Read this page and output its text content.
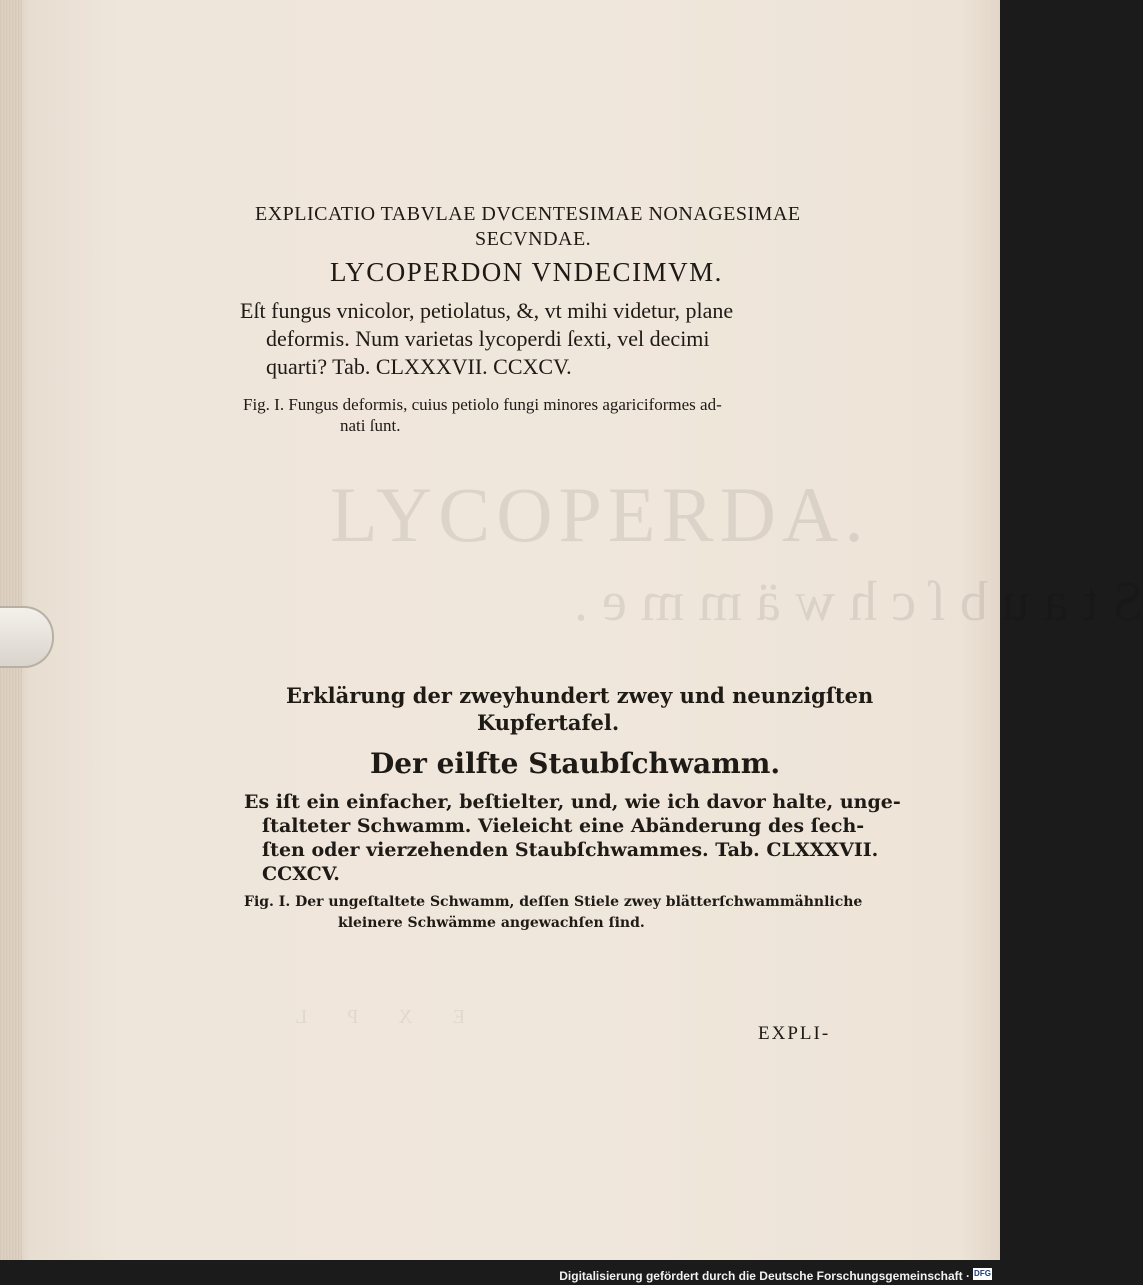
LYCOPERDA.
Staubſchwämme.
EXPL
EXPLICATIO TABVLAE DVCENTESIMAE NONAGESIMAE
SECVNDAE.
LYCOPERDON VNDECIMVM.
Eſt fungus vnicolor, petiolatus, &, vt mihi videtur, plane
deformis. Num varietas lycoperdi ſexti, vel decimi
quarti? Tab. CLXXXVII. CCXCV.
Fig. I. Fungus deformis, cuius petiolo fungi minores agariciformes ad-
nati ſunt.
Erklärung der zweyhundert zwey und neunzigſten
Kupfertafel.
Der eilfte Staubſchwamm.
Es iſt ein einfacher, beſtielter, und, wie ich davor halte, unge-
ſtalteter Schwamm. Vieleicht eine Abänderung des ſech-
ſten oder vierzehenden Staubſchwammes. Tab. CLXXXVII.
CCXCV.
Fig. I. Der ungeſtaltete Schwamm, deſſen Stiele zwey blätterſchwammähnliche
kleinere Schwämme angewachſen ſind.
EXPLI-
Digitalisierung gefördert durch die Deutsche Forschungsgemeinschaft · DFG
